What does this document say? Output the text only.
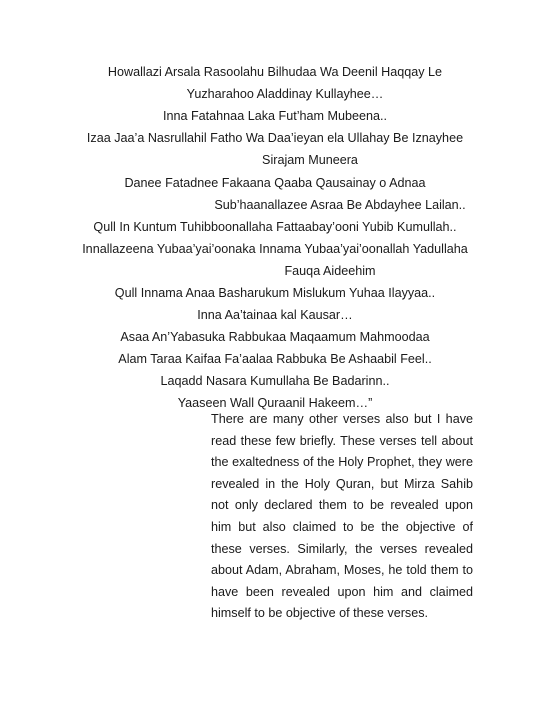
Howallazi Arsala Rasoolahu Bilhudaa Wa Deenil Haqqay Le
Yuzharahoo Aladdinay Kullayhee…
Inna Fatahnaa Laka Fut’ham Mubeena..
Izaa Jaa’a Nasrullahil Fatho Wa Daa’ieyan ela Ullahay Be Iznayhee
Sirajam Muneera
Danee Fatadnee Fakaana Qaaba Qausainay o Adnaa
Sub’haanallazee Asraa Be Abdayhee Lailan..
Qull In Kuntum Tuhibboonallaha Fattaabay’ooni Yubib Kumullah..
Innallazeena Yubaa’yai’oonaka Innama Yubaa’yai’oonallah Yadullaha
Fauqa Aideehim
Qull Innama Anaa Basharukum Mislukum Yuhaa Ilayyaa..
Inna Aa’tainaa kal Kausar…
Asaa An’Yabasuka Rabbukaa Maqaamum Mahmoodaa
Alam Taraa Kaifaa Fa’aalaa Rabbuka Be Ashaabil Feel..
Laqadd Nasara Kumullaha Be Badarinn..
Yaaseen Wall Quraanil Hakeem…”

There are many other verses also but I have read these few briefly. These verses tell about the exaltedness of the Holy Prophet, they were revealed in the Holy Quran, but Mirza Sahib not only declared them to be revealed upon him but also claimed to be the objective of these verses. Similarly, the verses revealed about Adam, Abraham, Moses, he told them to have been revealed upon him and claimed himself to be objective of these verses.
